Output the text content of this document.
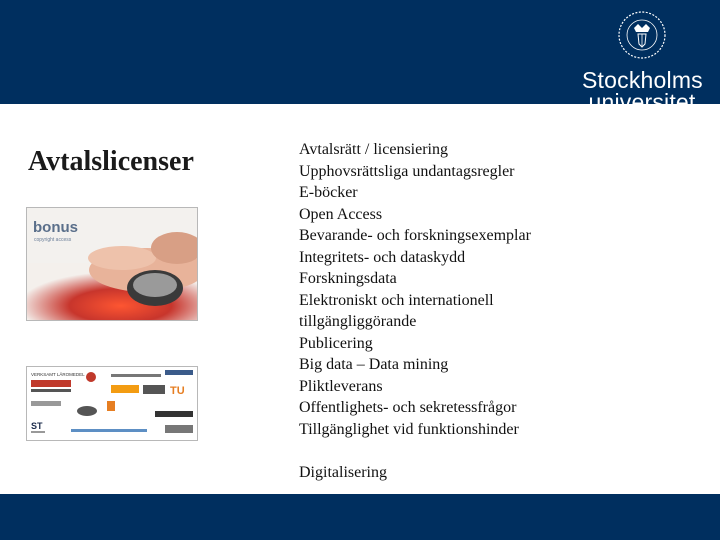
Stockholms
universitet
Avtalslicenser
bonus
copyright access
VERKSAMT LÄROMEDEL
TU
ST
Avtalsrätt / licensiering
Upphovsrättsliga undantagsregler
E-böcker
Open Access
Bevarande- och forskningsexemplar
Integritets- och dataskydd
Forskningsdata
Elektroniskt och internationell
tillgängliggörande
Publicering
Big data – Data mining
Pliktleverans
Offentlighets- och sekretessfrågor
Tillgänglighet vid funktionshinder
Digitalisering
